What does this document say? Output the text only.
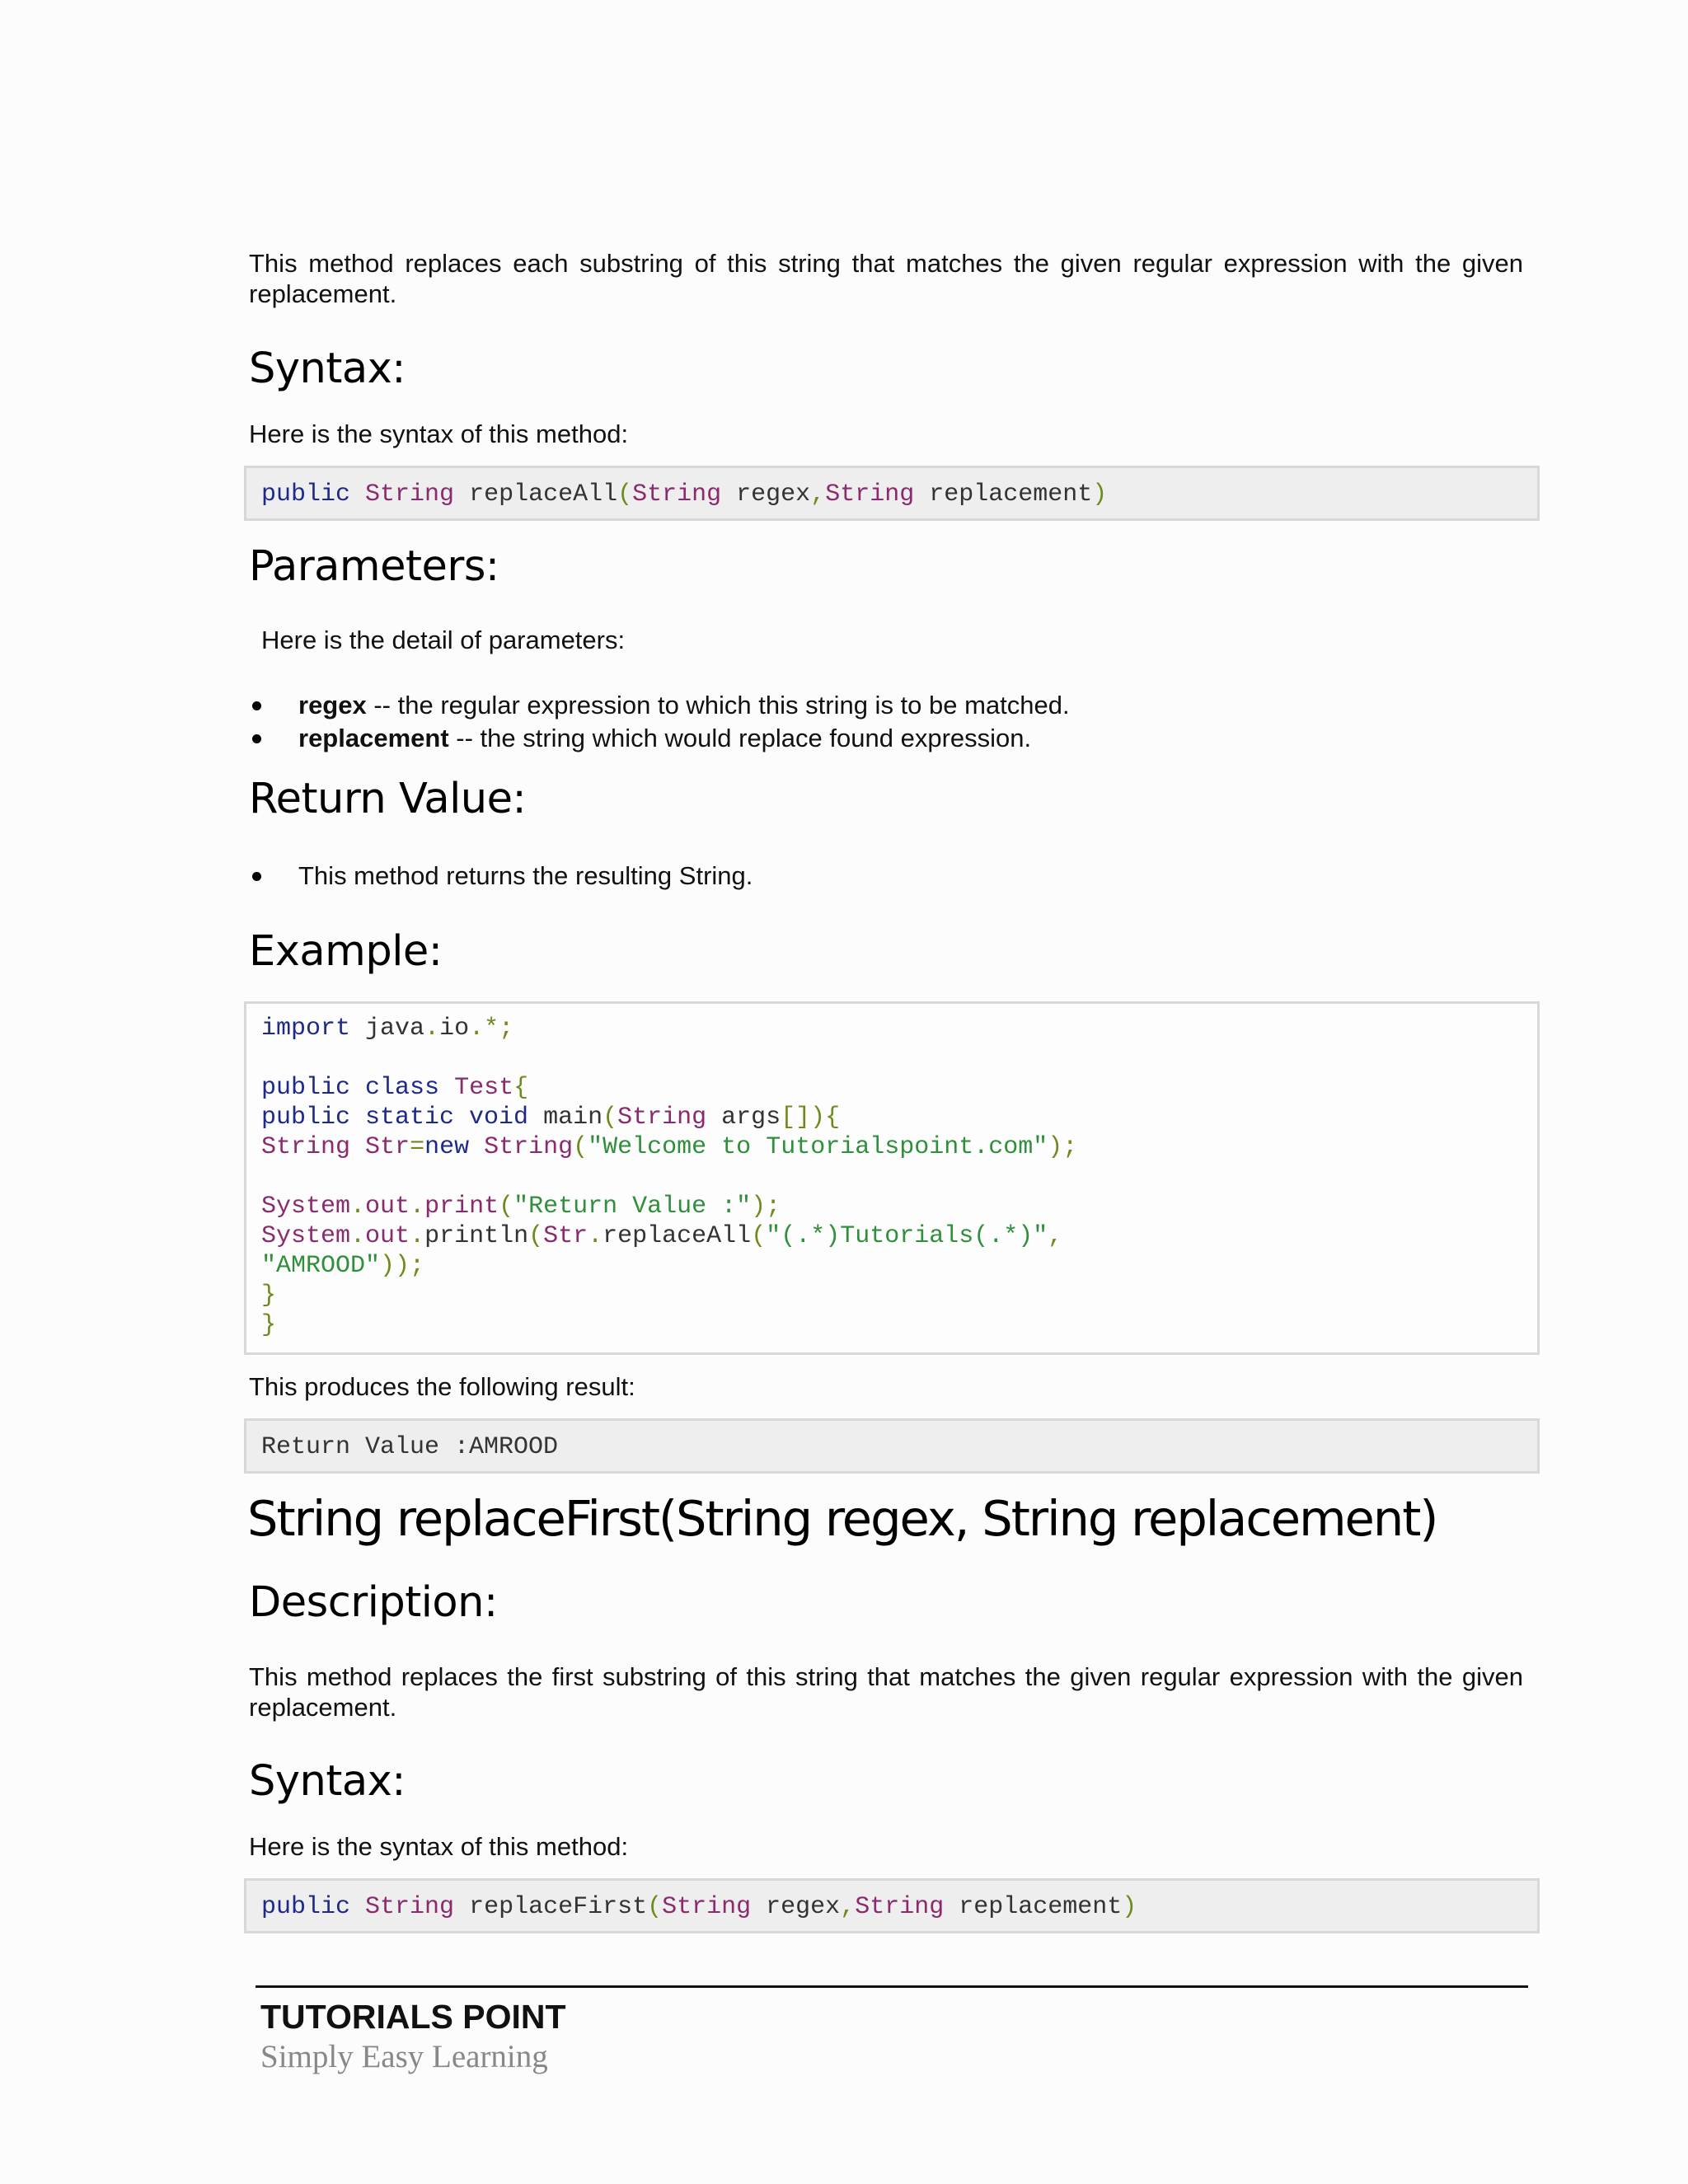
This method replaces each substring of this string that matches the given regular expression with the given replacement.
Syntax:
Here is the syntax of this method:
public String replaceAll(String regex,String replacement)
Parameters:
Here is the detail of parameters:
regex -- the regular expression to which this string is to be matched.
replacement -- the string which would replace found expression.
Return Value:
This method returns the resulting String.
Example:
import java.io.*;
public class Test{
public static void main(String args[]){
String Str=new String("Welcome to Tutorialspoint.com");
System.out.print("Return Value :");
System.out.println(Str.replaceAll("(.*)Tutorials(.*)",
"AMROOD"));
}
}
This produces the following result:
Return Value :AMROOD
String replaceFirst(String regex, String replacement)
Description:
This method replaces the first substring of this string that matches the given regular expression with the given replacement.
Syntax:
Here is the syntax of this method:
public String replaceFirst(String regex,String replacement)
TUTORIALS POINT
Simply Easy Learning
